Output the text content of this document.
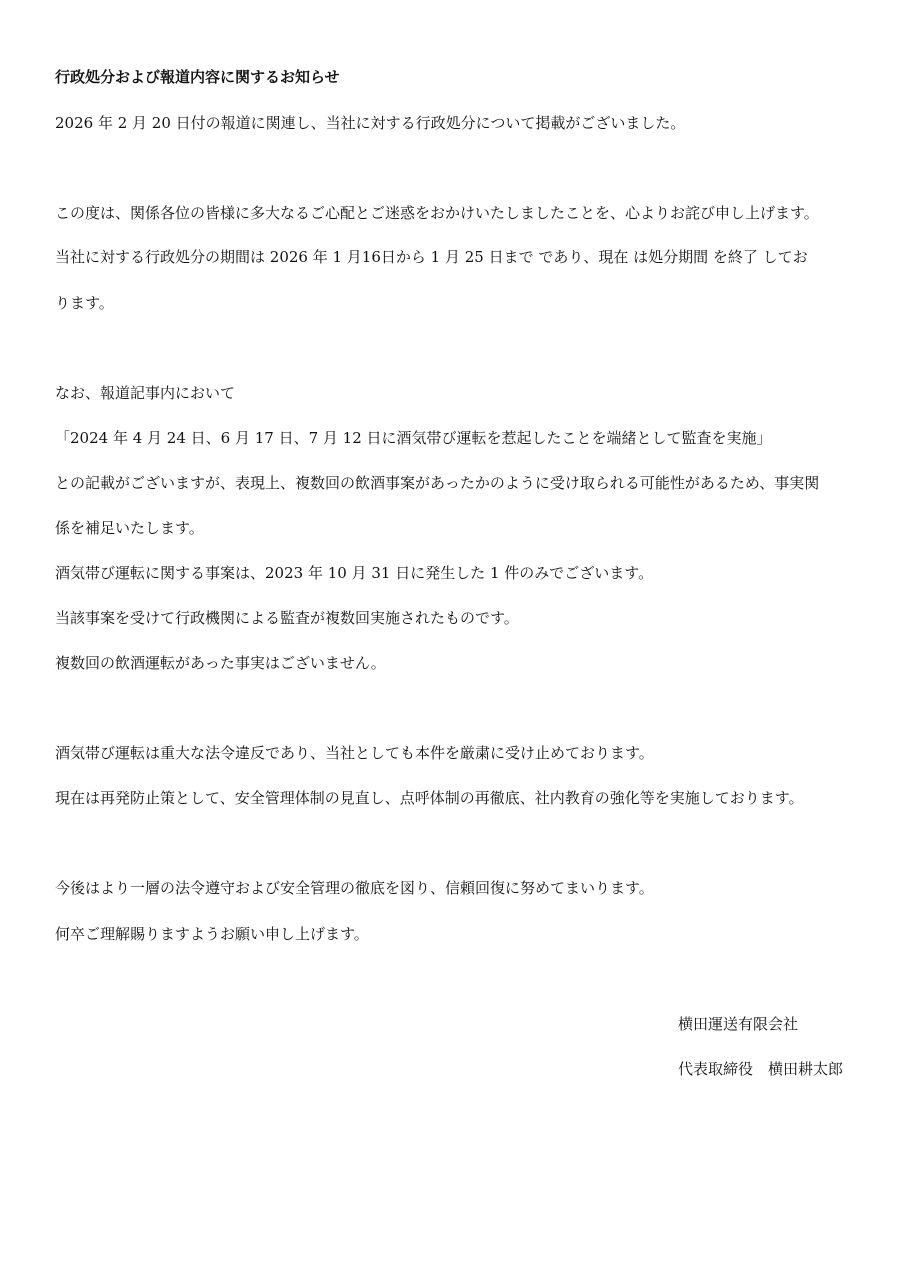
行政処分および報道内容に関するお知らせ
2026 年 2 月 20 日付の報道に関連し、当社に対する行政処分について掲載がございました。
この度は、関係各位の皆様に多大なるご心配とご迷惑をおかけいたしましたことを、心よりお詫び申し上げます。
当社に対する行政処分の期間は 2026 年 1 月16日から 1 月 25 日まで であり、現在 は処分期間 を終了 してお
ります。
なお、報道記事内において
「2024 年 4 月 24 日、6 月 17 日、7 月 12 日に酒気帯び運転を惹起したことを端緒として監査を実施」
との記載がございますが、表現上、複数回の飲酒事案があったかのように受け取られる可能性があるため、事実関
係を補足いたします。
酒気帯び運転に関する事案は、2023 年 10 月 31 日に発生した 1 件のみでございます。
当該事案を受けて行政機関による監査が複数回実施されたものです。
複数回の飲酒運転があった事実はございません。
酒気帯び運転は重大な法令違反であり、当社としても本件を厳粛に受け止めております。
現在は再発防止策として、安全管理体制の見直し、点呼体制の再徹底、社内教育の強化等を実施しております。
今後はより一層の法令遵守および安全管理の徹底を図り、信頼回復に努めてまいります。
何卒ご理解賜りますようお願い申し上げます。
横田運送有限会社
代表取締役　横田耕太郎
